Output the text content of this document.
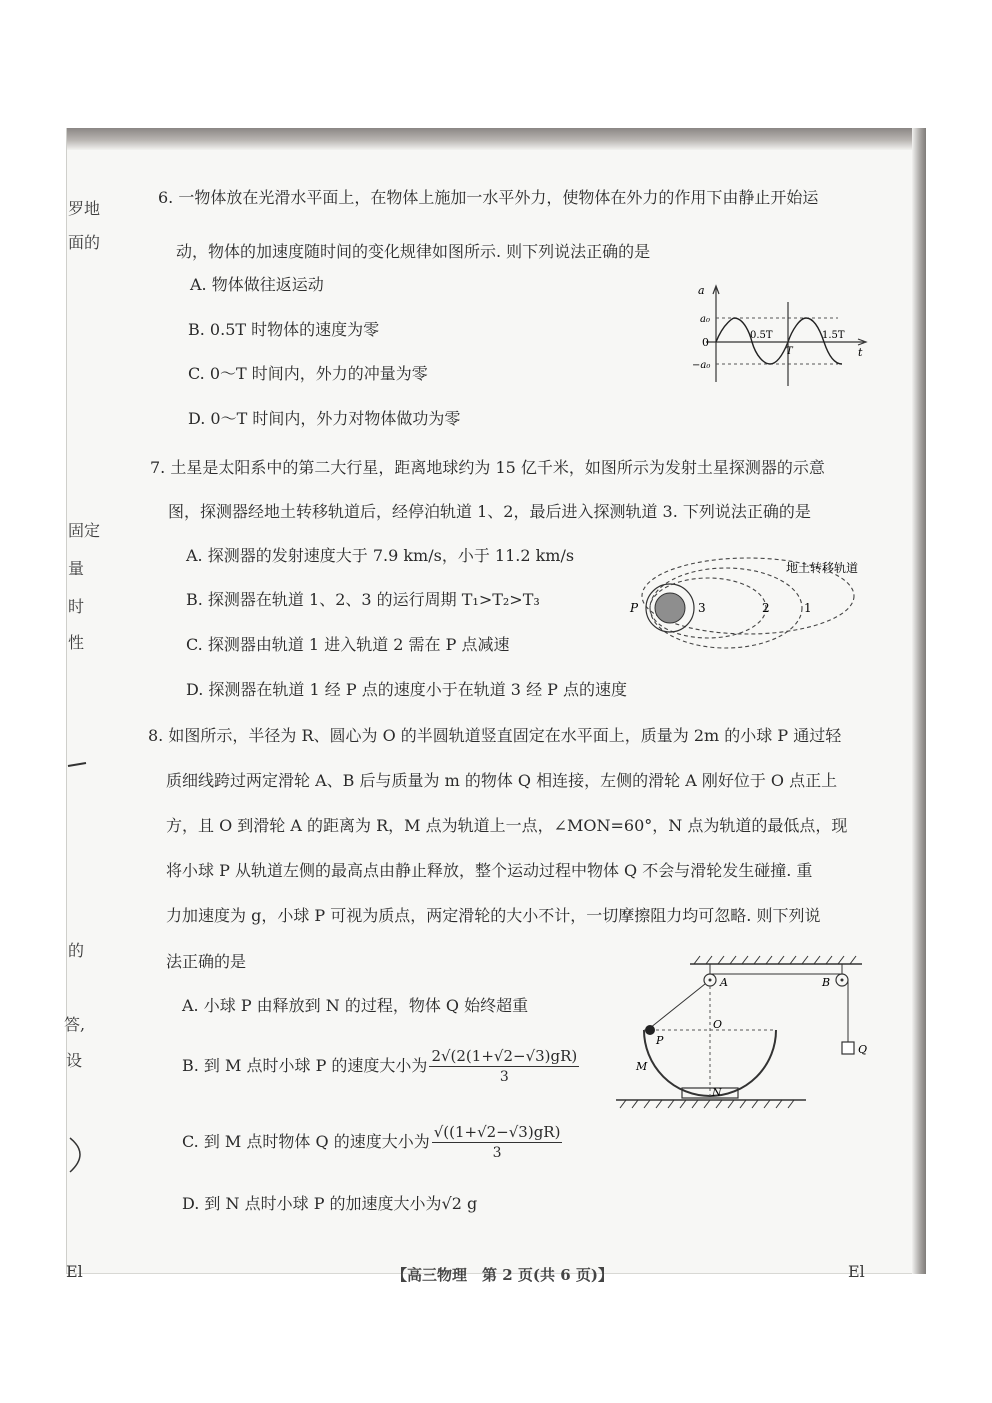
罗地
面的
固定
量
时
性
的
答,
设
El	El
6. 一物体放在光滑水平面上，在物体上施加一水平外力，使物体在外力的作用下由静止开始运
动，物体的加速度随时间的变化规律如图所示. 则下列说法正确的是
A. 物体做往返运动
B. 0.5T 时物体的速度为零
C. 0～T 时间内，外力的冲量为零
D. 0～T 时间内，外力对物体做功为零
a
t
0
a₀
−a₀
0.5T
T
1.5T
7. 土星是太阳系中的第二大行星，距离地球约为 15 亿千米，如图所示为发射土星探测器的示意
图，探测器经地土转移轨道后，经停泊轨道 1、2，最后进入探测轨道 3. 下列说法正确的是
A. 探测器的发射速度大于 7.9 km/s，小于 11.2 km/s
B. 探测器在轨道 1、2、3 的运行周期 T₁>T₂>T₃
C. 探测器由轨道 1 进入轨道 2 需在 P 点减速
D. 探测器在轨道 1 经 P 点的速度小于在轨道 3 经 P 点的速度
P	3	2	1
地土转移轨道
8. 如图所示，半径为 R、圆心为 O 的半圆轨道竖直固定在水平面上，质量为 2m 的小球 P 通过轻
质细线跨过两定滑轮 A、B 后与质量为 m 的物体 Q 相连接，左侧的滑轮 A 刚好位于 O 点正上
方，且 O 到滑轮 A 的距离为 R，M 点为轨道上一点，∠MON=60°，N 点为轨道的最低点，现
将小球 P 从轨道左侧的最高点由静止释放，整个运动过程中物体 Q 不会与滑轮发生碰撞. 重
力加速度为 g，小球 P 可视为质点，两定滑轮的大小不计，一切摩擦阻力均可忽略. 则下列说
法正确的是
A. 小球 P 由释放到 N 的过程，物体 Q 始终超重
B. 到 M 点时小球 P 的速度大小为 $\frac{2√(2(1+√2-√3)gR)}{3}$
C. 到 M 点时物体 Q 的速度大小为 $\frac{√((1+√2-√3)gR)}{3}$
D. 到 N 点时小球 P 的加速度大小为√2 g
A	B
O
P
M
N
Q
【高三物理　第 2 页(共 6 页)】
